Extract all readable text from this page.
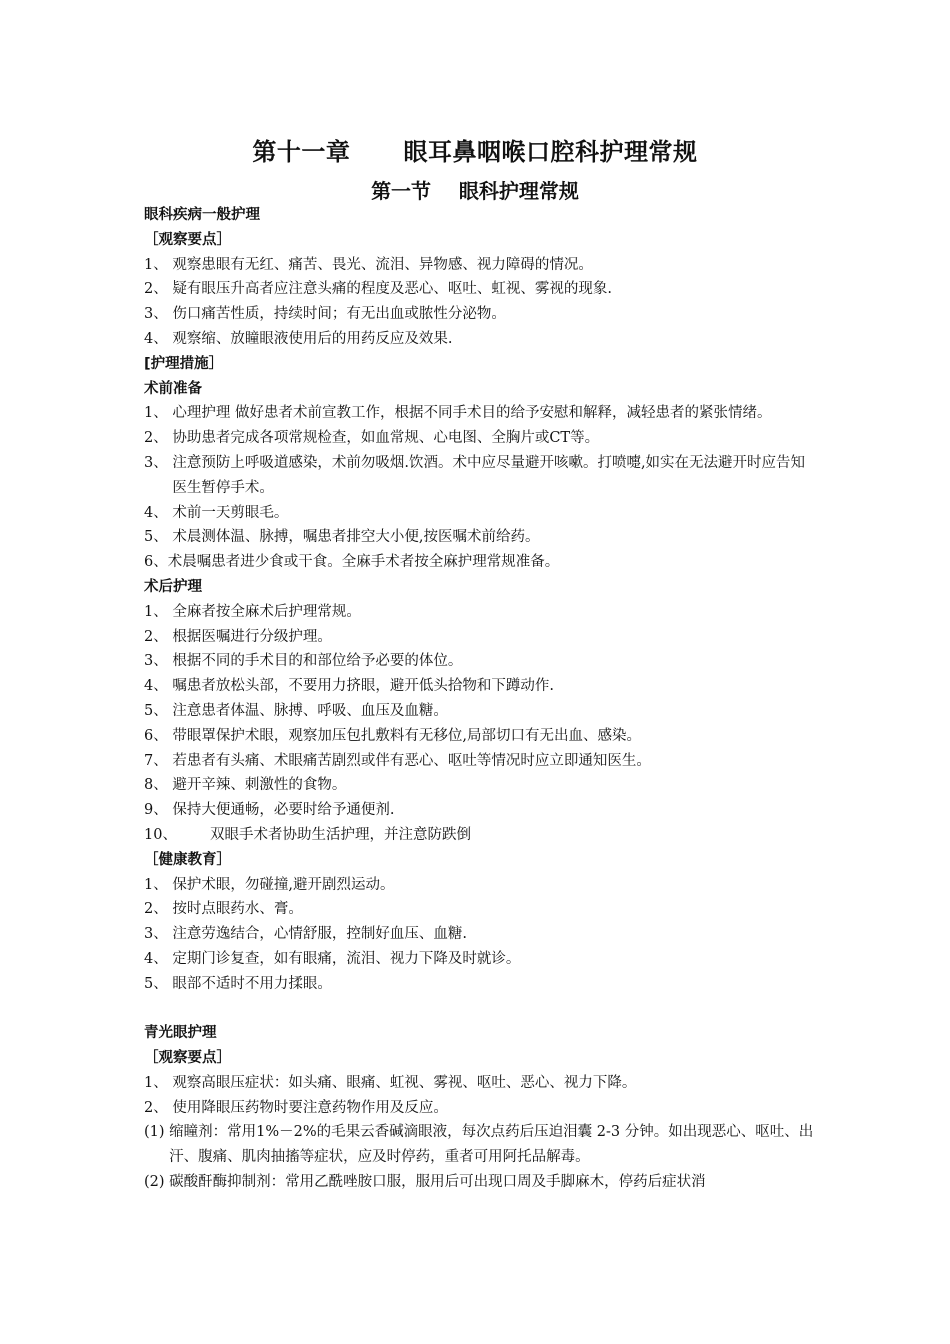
第十一章      眼耳鼻咽喉口腔科护理常规
第一节    眼科护理常规
眼科疾病一般护理
［观察要点］
1、 观察患眼有无红、痛苦、畏光、流泪、异物感、视力障碍的情况。
2、 疑有眼压升高者应注意头痛的程度及恶心、呕吐、虹视、雾视的现象.
3、 伤口痛苦性质，持续时间；有无出血或脓性分泌物。
4、 观察缩、放瞳眼液使用后的用药反应及效果.
[护理措施］
术前准备
1、 心理护理 做好患者术前宣教工作，根据不同手术目的给予安慰和解释，减轻患者的紧张情绪。
2、 协助患者完成各项常规检查，如血常规、心电图、全胸片或CT等。
3、 注意预防上呼吸道感染，术前勿吸烟.饮酒。术中应尽量避开咳嗽。打喷嚏,如实在无法避开时应告知医生暂停手术。
4、 术前一天剪眼毛。
5、 术晨测体温、脉搏，嘱患者排空大小便,按医嘱术前给药。
6、 术晨嘱患者进少食或干食。全麻手术者按全麻护理常规准备。
术后护理
1、 全麻者按全麻术后护理常规。
2、 根据医嘱进行分级护理。
3、 根据不同的手术目的和部位给予必要的体位。
4、 嘱患者放松头部，不要用力挤眼，避开低头拾物和下蹲动作.
5、 注意患者体温、脉搏、呼吸、血压及血糖。
6、 带眼罩保护术眼，观察加压包扎敷料有无移位,局部切口有无出血、感染。
7、 若患者有头痛、术眼痛苦剧烈或伴有恶心、呕吐等情况时应立即通知医生。
8、 避开辛辣、刺激性的食物。
9、 保持大便通畅，必要时给予通便剂.
10、	双眼手术者协助生活护理，并注意防跌倒
［健康教育］
1、 保护术眼，勿碰撞,避开剧烈运动。
2、 按时点眼药水、膏。
3、 注意劳逸结合，心情舒服，控制好血压、血糖.
4、 定期门诊复查，如有眼痛，流泪、视力下降及时就诊。
5、 眼部不适时不用力揉眼。
青光眼护理
［观察要点］
1、 观察高眼压症状：如头痛、眼痛、虹视、雾视、呕吐、恶心、视力下降。
2、 使用降眼压药物时要注意药物作用及反应。
(1) 缩瞳剂：常用1%－2%的毛果云香碱滴眼液，每次点药后压迫泪囊 2-3 分钟。如出现恶心、呕吐、出汗、腹痛、肌肉抽搐等症状，应及时停药，重者可用阿托品解毒。
(2) 碳酸酐酶抑制剂：常用乙酰唑胺口服，服用后可出现口周及手脚麻木，停药后症状消
